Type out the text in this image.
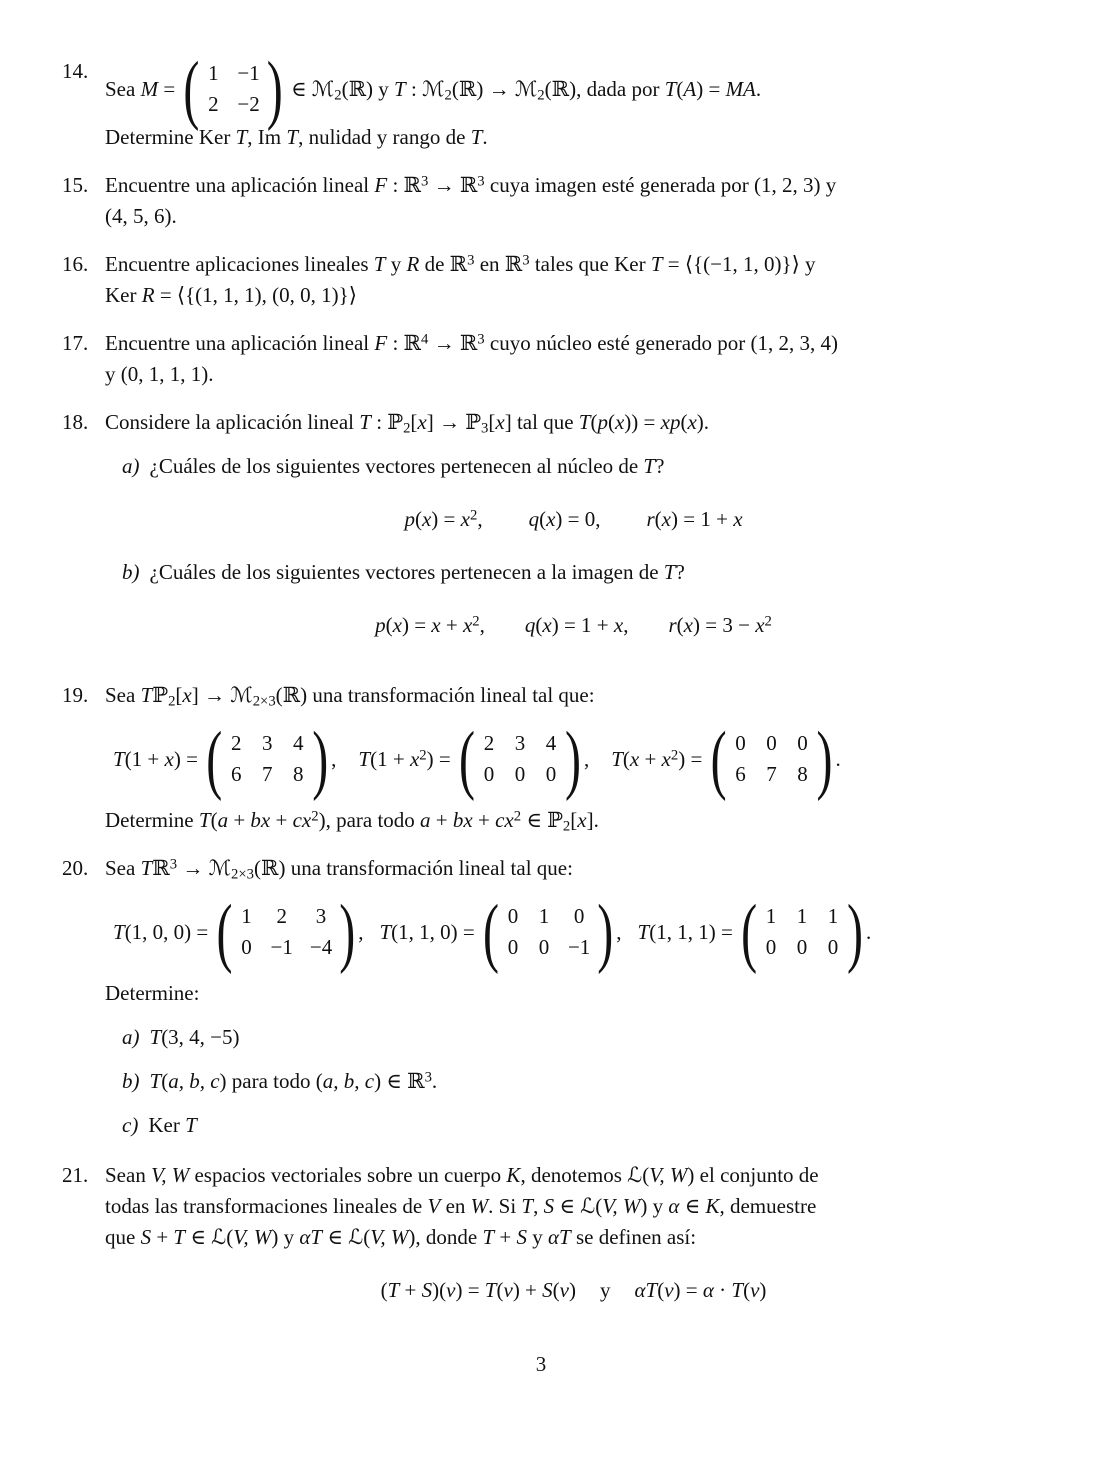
14.
Sea M = ( 1 −1
2 −2 ) ∈ ℳ2(ℝ) y T : ℳ2(ℝ) → ℳ2(ℝ), dada por T(A) = MA.
Determine Ker T, Im T, nulidad y rango de T.
15. Encuentre una aplicación lineal F : ℝ$^3$ → ℝ$^3$ cuya imagen esté generada por (1, 2, 3) y
(4, 5, 6).
16. Encuentre aplicaciones lineales T y R de ℝ$^3$ en ℝ$^3$ tales que Ker T = ⟨{(−1, 1, 0)}⟩ y
Ker R = ⟨{(1, 1, 1), (0, 0, 1)}⟩
17. Encuentre una aplicación lineal F : ℝ$^4$ → ℝ$^3$ cuyo núcleo esté generado por (1, 2, 3, 4)
y (0, 1, 1, 1).
18. Considere la aplicación lineal T : ℙ2[x] → ℙ3[x] tal que T(p(x)) = xp(x).
a) ¿Cuáles de los siguientes vectores pertenecen al núcleo de T?
$p(x) = x^2$, q(x) = 0, r(x) = 1 + x
b) ¿Cuáles de los siguientes vectores pertenecen a la imagen de T?
$p(x) = x + x^2$, q(x) = 1 + x, $r(x) = 3 - x^2$
19. Sea Tℙ2[x] → ℳ2×3(ℝ) una transformación lineal tal que:
T(1 + x) = ( 2 3 4
6 7 8 ) , $T(1 + x^2)$ = ( 2 3 4
0 0 0 ) , $T(x + x^2)$ = ( 0 0 0
6 7 8 ) .
Determine T(a + bx + $cx^2$), para todo a + bx + $cx^2$ ∈ ℙ2[x].
20. Sea Tℝ$^3$ → ℳ2×3(ℝ) una transformación lineal tal que:
T(1, 0, 0) = ( 1 2 3
0 −1 −4 ) , T(1, 1, 0) = ( 0 1 0
0 0 −1 ) , T(1, 1, 1) = ( 1 1 1
0 0 0 ) .
Determine:
a) T(3, 4, −5)
b) T(a, b, c) para todo (a, b, c) ∈ ℝ$^3$.
c) Ker T
21. Sean V, W espacios vectoriales sobre un cuerpo K, denotemos ℒ(V, W) el conjunto de
todas las transformaciones lineales de V en W. Si T, S ∈ ℒ(V, W) y α ∈ K, demuestre
que S + T ∈ ℒ(V, W) y αT ∈ ℒ(V, W), donde T + S y αT se definen así:
(T + S)(v) = T(v) + S(v) y αT(v) = α · T(v)
3
